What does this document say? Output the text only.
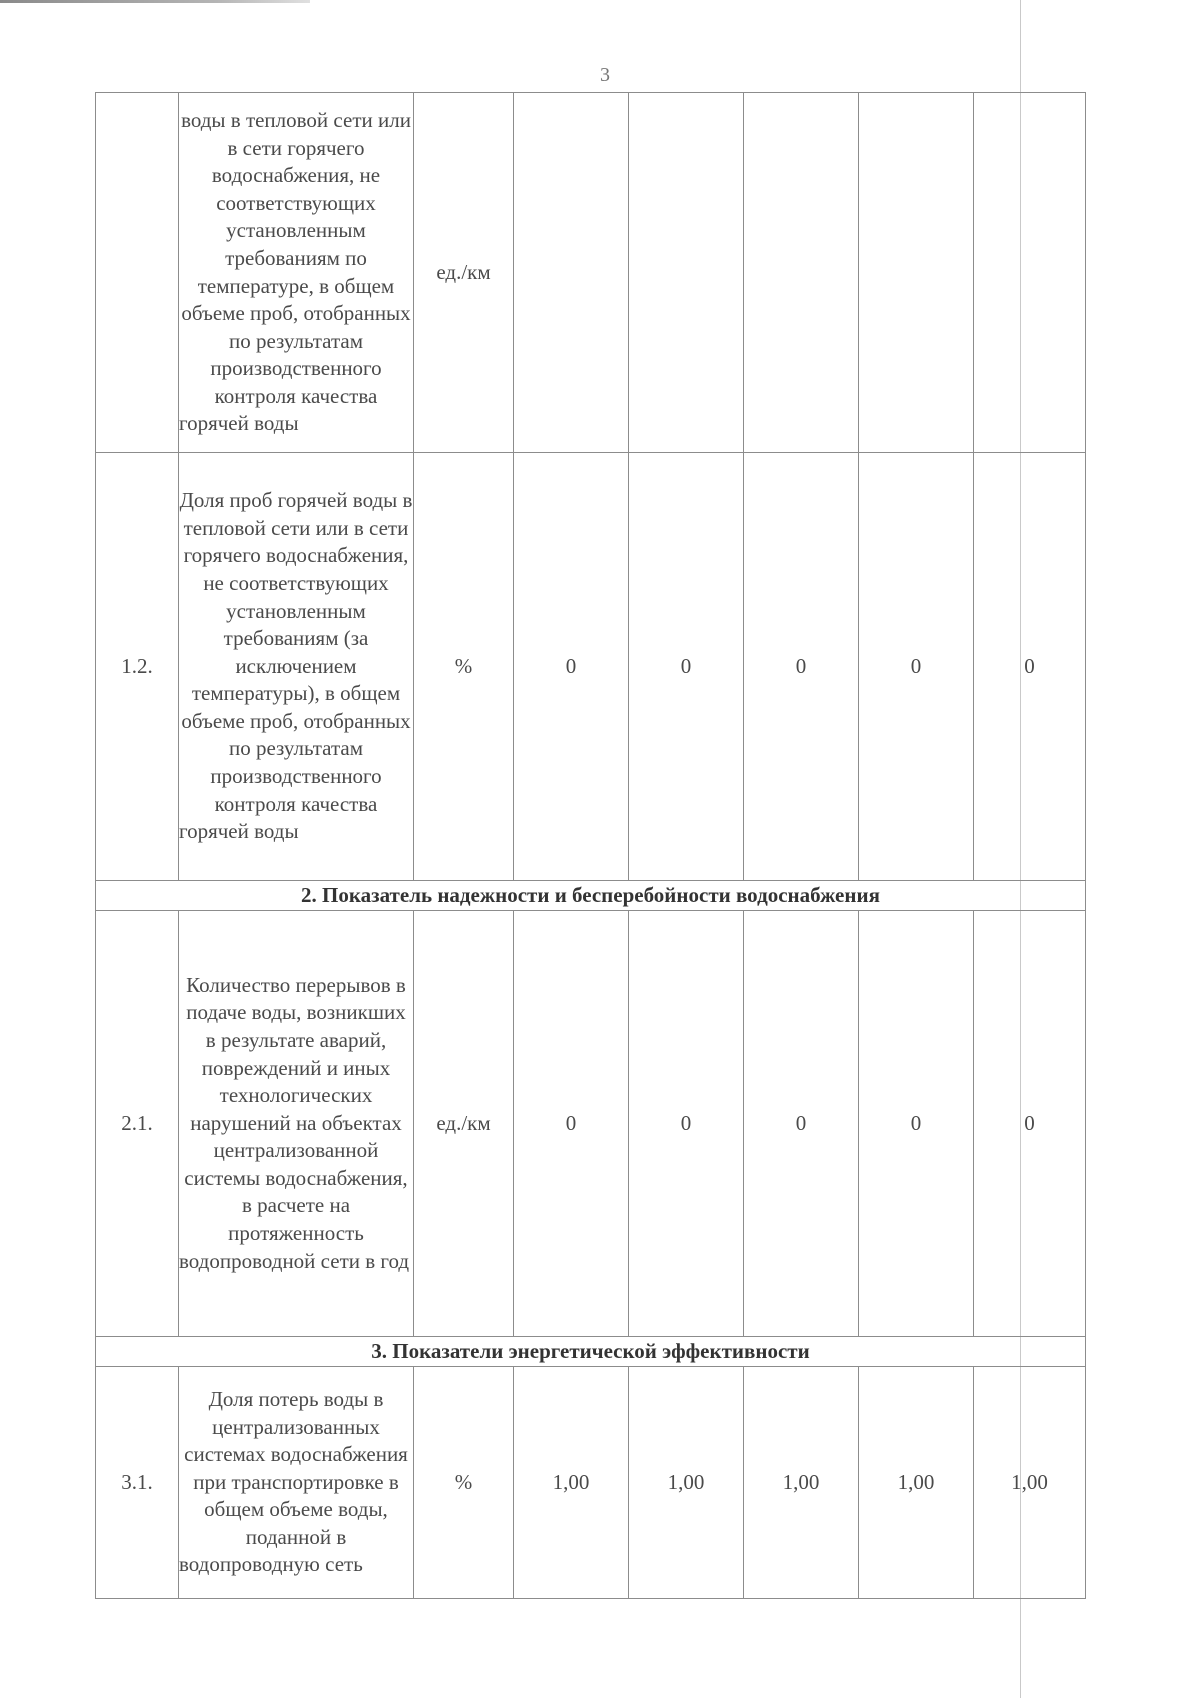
3
	воды в тепловой сети или в сети горячего водоснабжения, не соответствующих установленным требованиям по температуре, в общем объеме проб, отобранных по результатам производственного контроля качества горячей воды	ед./км					
1.2.	Доля проб горячей воды в тепловой сети или в сети горячего водоснабжения, не соответствующих установленным требованиям (за исключением температуры), в общем объеме проб, отобранных по результатам производственного контроля качества горячей воды	%	0	0	0	0	0
2. Показатель надежности и бесперебойности водоснабжения							
2.1.	Количество перерывов в подаче воды, возникших в результате аварий, повреждений и иных технологических нарушений на объектах централизованной системы водоснабжения, в расчете на протяженность водопроводной сети в год	ед./км	0	0	0	0	0
3. Показатели энергетической эффективности							
3.1.	Доля потерь воды в централизованных системах водоснабжения при транспортировке в общем объеме воды, поданной в водопроводную сеть	%	1,00	1,00	1,00	1,00	1,00
